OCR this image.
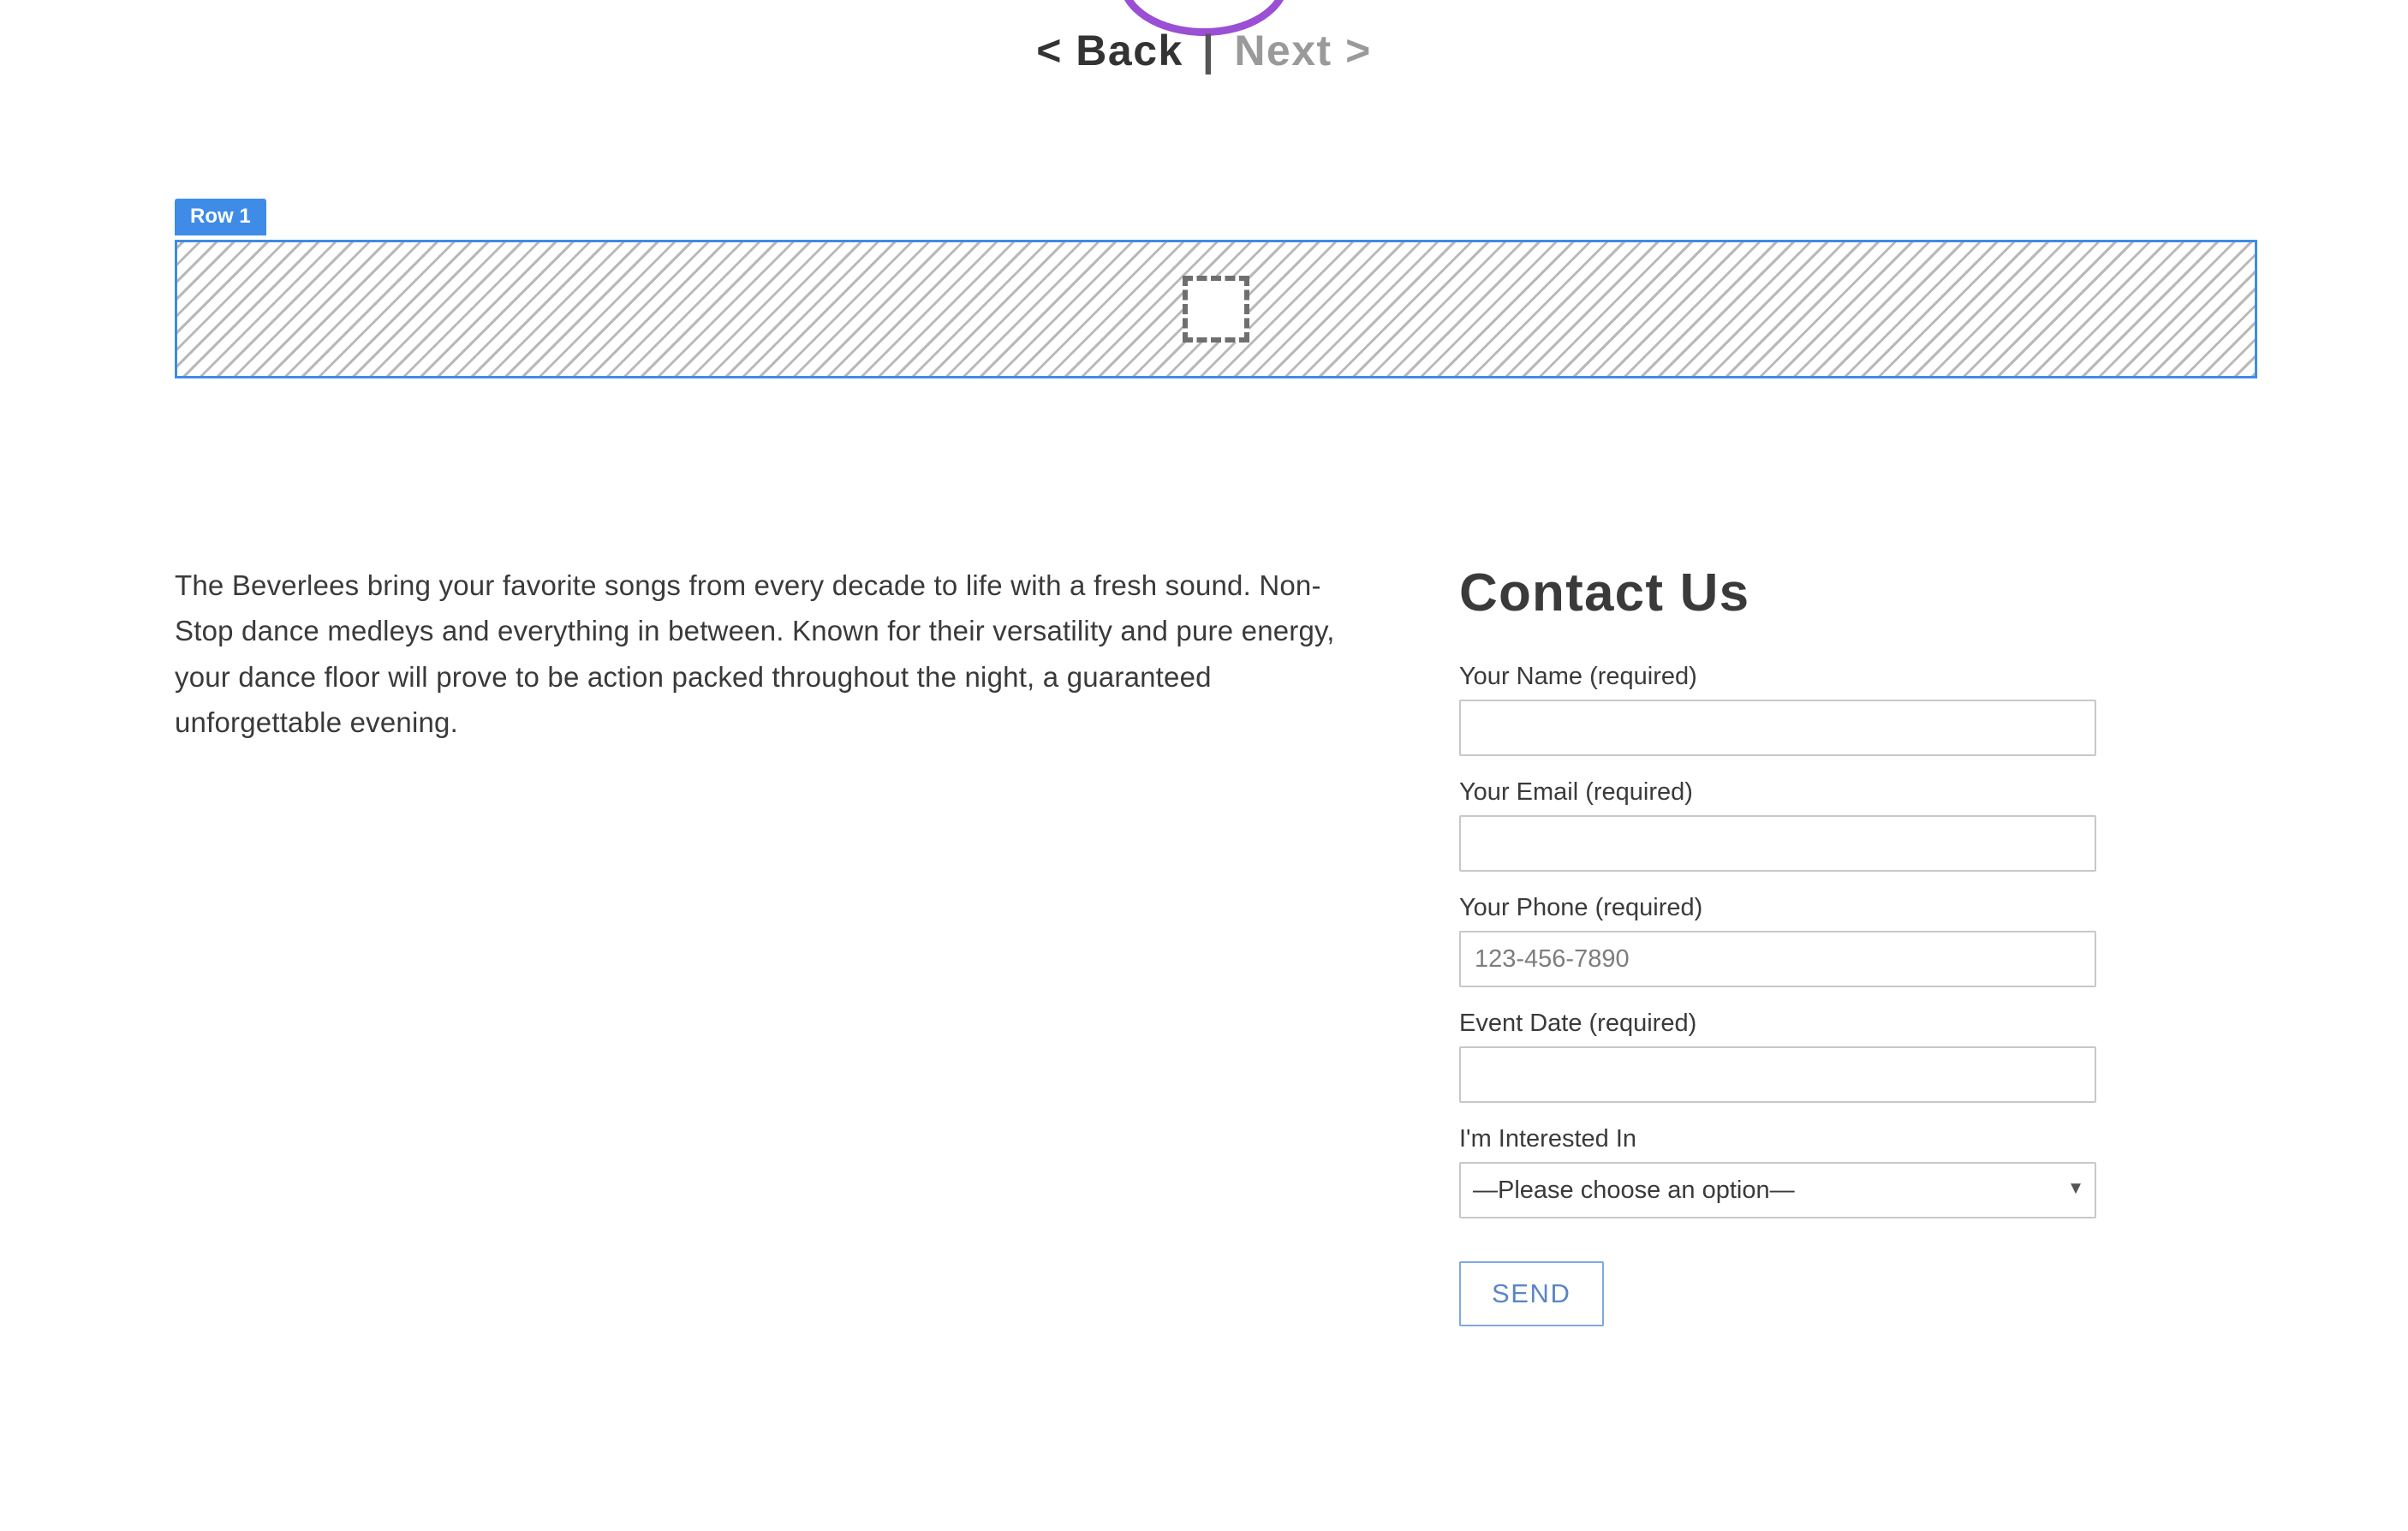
< Back | Next >
Row 1

The Beverlees bring your favorite songs from every decade to life with a fresh sound. Non-Stop dance medleys and everything in between. Known for their versatility and pure energy, your dance floor will prove to be action packed throughout the night, a guaranteed unforgettable evening.

Contact Us
Your Name (required)
Your Email (required)
Your Phone (required)
123-456-7890
Event Date (required)
I'm Interested In
—Please choose an option—
▾
SEND
